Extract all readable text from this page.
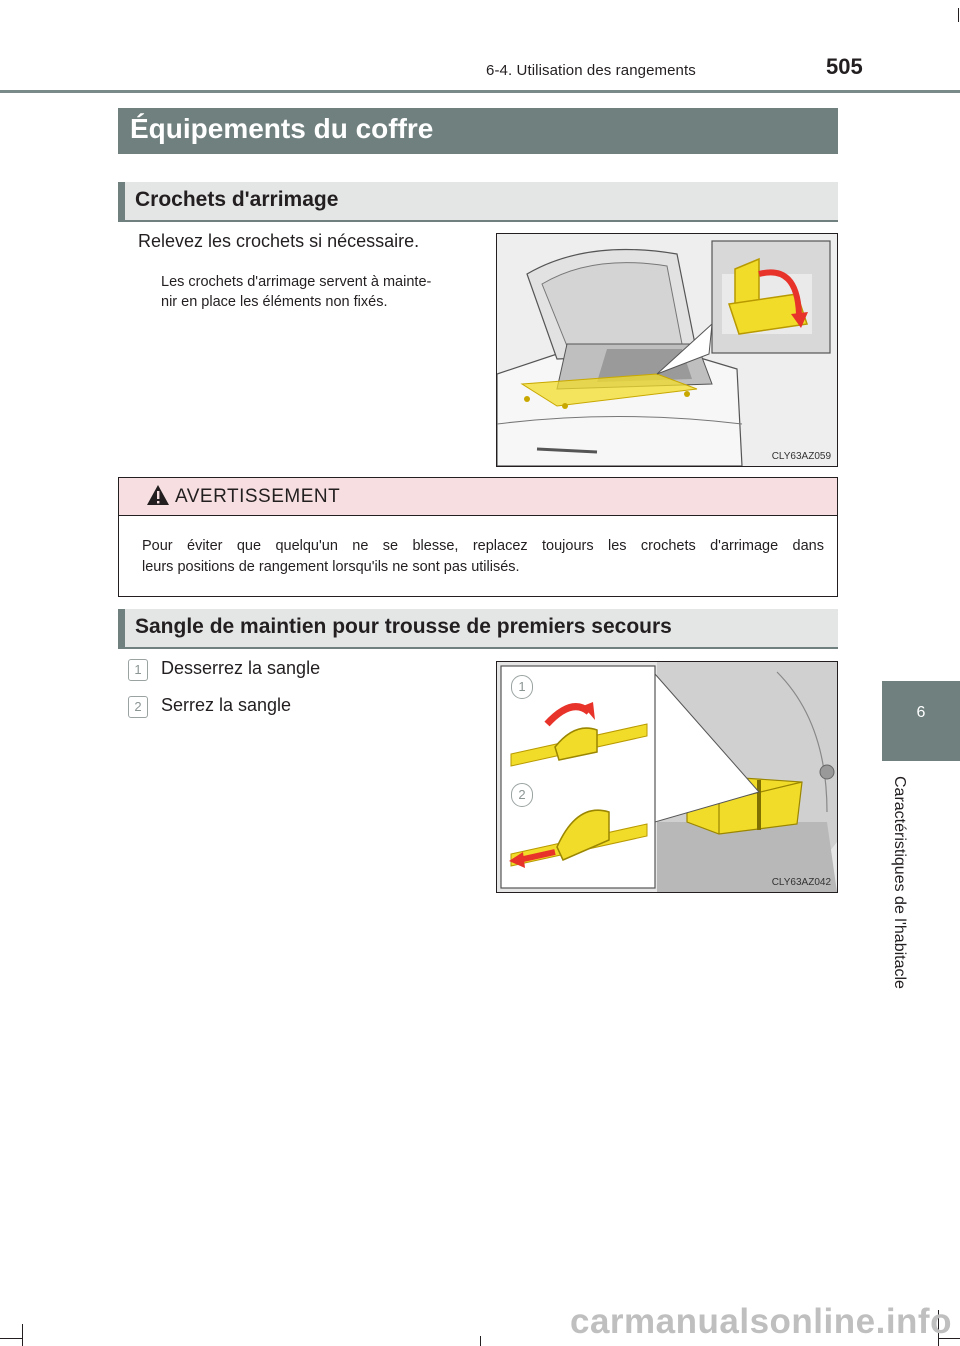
6-4. Utilisation des rangements	505
6
Caractéristiques de l'habitacle
Équipements du coffre
Crochets d'arrimage
Relevez les crochets si nécessaire.
Les crochets d'arrimage servent à mainte-
nir en place les éléments non fixés.
CLY63AZ059
AVERTISSEMENT
Pour éviter que quelqu'un ne se blesse, replacez toujours les crochets d'arrimage dans
leurs positions de rangement lorsqu'ils ne sont pas utilisés.
Sangle de maintien pour trousse de premiers secours
1	Desserrez la sangle
2	Serrez la sangle
1
2
CLY63AZ042
carmanualsonline.info
